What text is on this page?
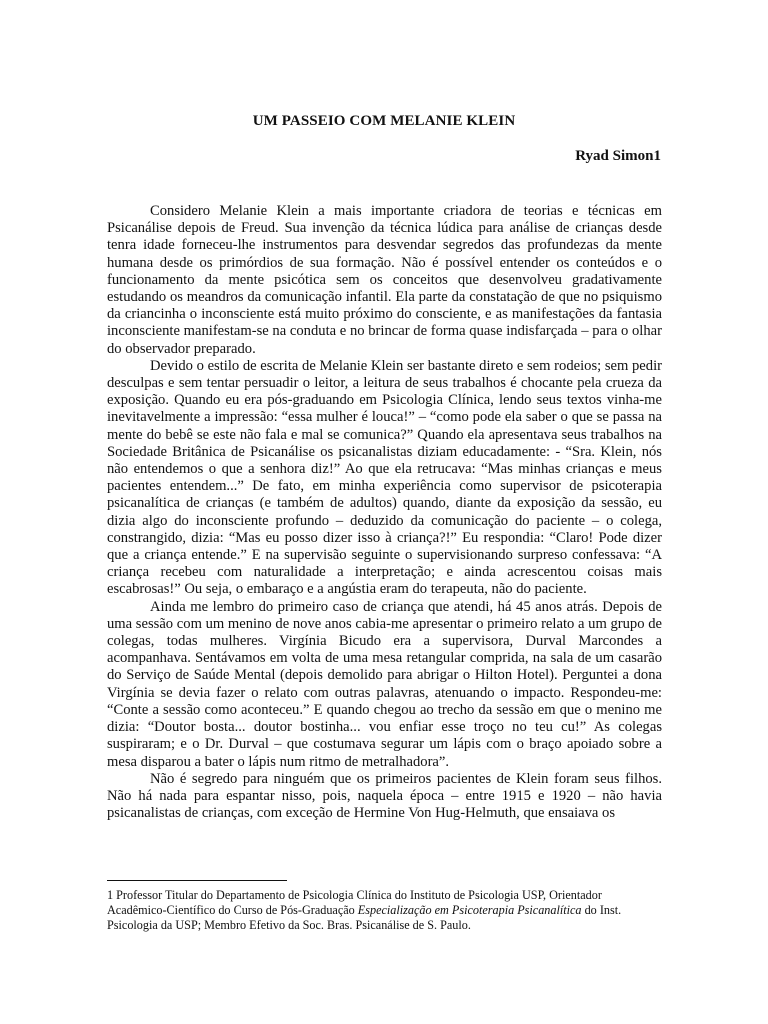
UM PASSEIO COM MELANIE KLEIN
Ryad Simon1

Considero Melanie Klein a mais importante criadora de teorias e técnicas em Psicanálise depois de Freud. Sua invenção da técnica lúdica para análise de crianças desde tenra idade forneceu-lhe instrumentos para desvendar segredos das profundezas da mente humana desde os primórdios de sua formação. Não é possível entender os conteúdos e o funcionamento da mente psicótica sem os conceitos que desenvolveu gradativamente estudando os meandros da comunicação infantil. Ela parte da constatação de que no psiquismo da criancinha o inconsciente está muito próximo do consciente, e as manifestações da fantasia inconsciente manifestam-se na conduta e no brincar de forma quase indisfarçada – para o olhar do observador preparado.

Devido o estilo de escrita de Melanie Klein ser bastante direto e sem rodeios; sem pedir desculpas e sem tentar persuadir o leitor, a leitura de seus trabalhos é chocante pela crueza da exposição. Quando eu era pós-graduando em Psicologia Clínica, lendo seus textos vinha-me inevitavelmente a impressão: “essa mulher é louca!” – “como pode ela saber o que se passa na mente do bebê se este não fala e mal se comunica?” Quando ela apresentava seus trabalhos na Sociedade Britânica de Psicanálise os psicanalistas diziam educadamente: - “Sra. Klein, nós não entendemos o que a senhora diz!” Ao que ela retrucava: “Mas minhas crianças e meus pacientes entendem...” De fato, em minha experiência como supervisor de psicoterapia psicanalítica de crianças (e também de adultos) quando, diante da exposição da sessão, eu dizia algo do inconsciente profundo – deduzido da comunicação do paciente – o colega, constrangido, dizia: “Mas eu posso dizer isso à criança?!” Eu respondia: “Claro! Pode dizer que a criança entende.” E na supervisão seguinte o supervisionando surpreso confessava: “A criança recebeu com naturalidade a interpretação; e ainda acrescentou coisas mais escabrosas!” Ou seja, o embaraço e a angústia eram do terapeuta, não do paciente.

Ainda me lembro do primeiro caso de criança que atendi, há 45 anos atrás. Depois de uma sessão com um menino de nove anos cabia-me apresentar o primeiro relato a um grupo de colegas, todas mulheres. Virgínia Bicudo era a supervisora, Durval Marcondes a acompanhava. Sentávamos em volta de uma mesa retangular comprida, na sala de um casarão do Serviço de Saúde Mental (depois demolido para abrigar o Hilton Hotel). Perguntei a dona Virgínia se devia fazer o relato com outras palavras, atenuando o impacto. Respondeu-me: “Conte a sessão como aconteceu.” E quando chegou ao trecho da sessão em que o menino me dizia: “Doutor bosta... doutor bostinha... vou enfiar esse troço no teu cu!” As colegas suspiraram; e o Dr. Durval – que costumava segurar um lápis com o braço apoiado sobre a mesa disparou a bater o lápis num ritmo de metralhadora”.

Não é segredo para ninguém que os primeiros pacientes de Klein foram seus filhos. Não há nada para espantar nisso, pois, naquela época – entre 1915 e 1920 – não havia psicanalistas de crianças, com exceção de Hermine Von Hug-Helmuth, que ensaiava os

1 Professor Titular do Departamento de Psicologia Clínica do Instituto de Psicologia USP, Orientador Acadêmico-Científico do Curso de Pós-Graduação Especialização em Psicoterapia Psicanalítica do Inst. Psicologia da USP; Membro Efetivo da Soc. Bras. Psicanálise de S. Paulo.
